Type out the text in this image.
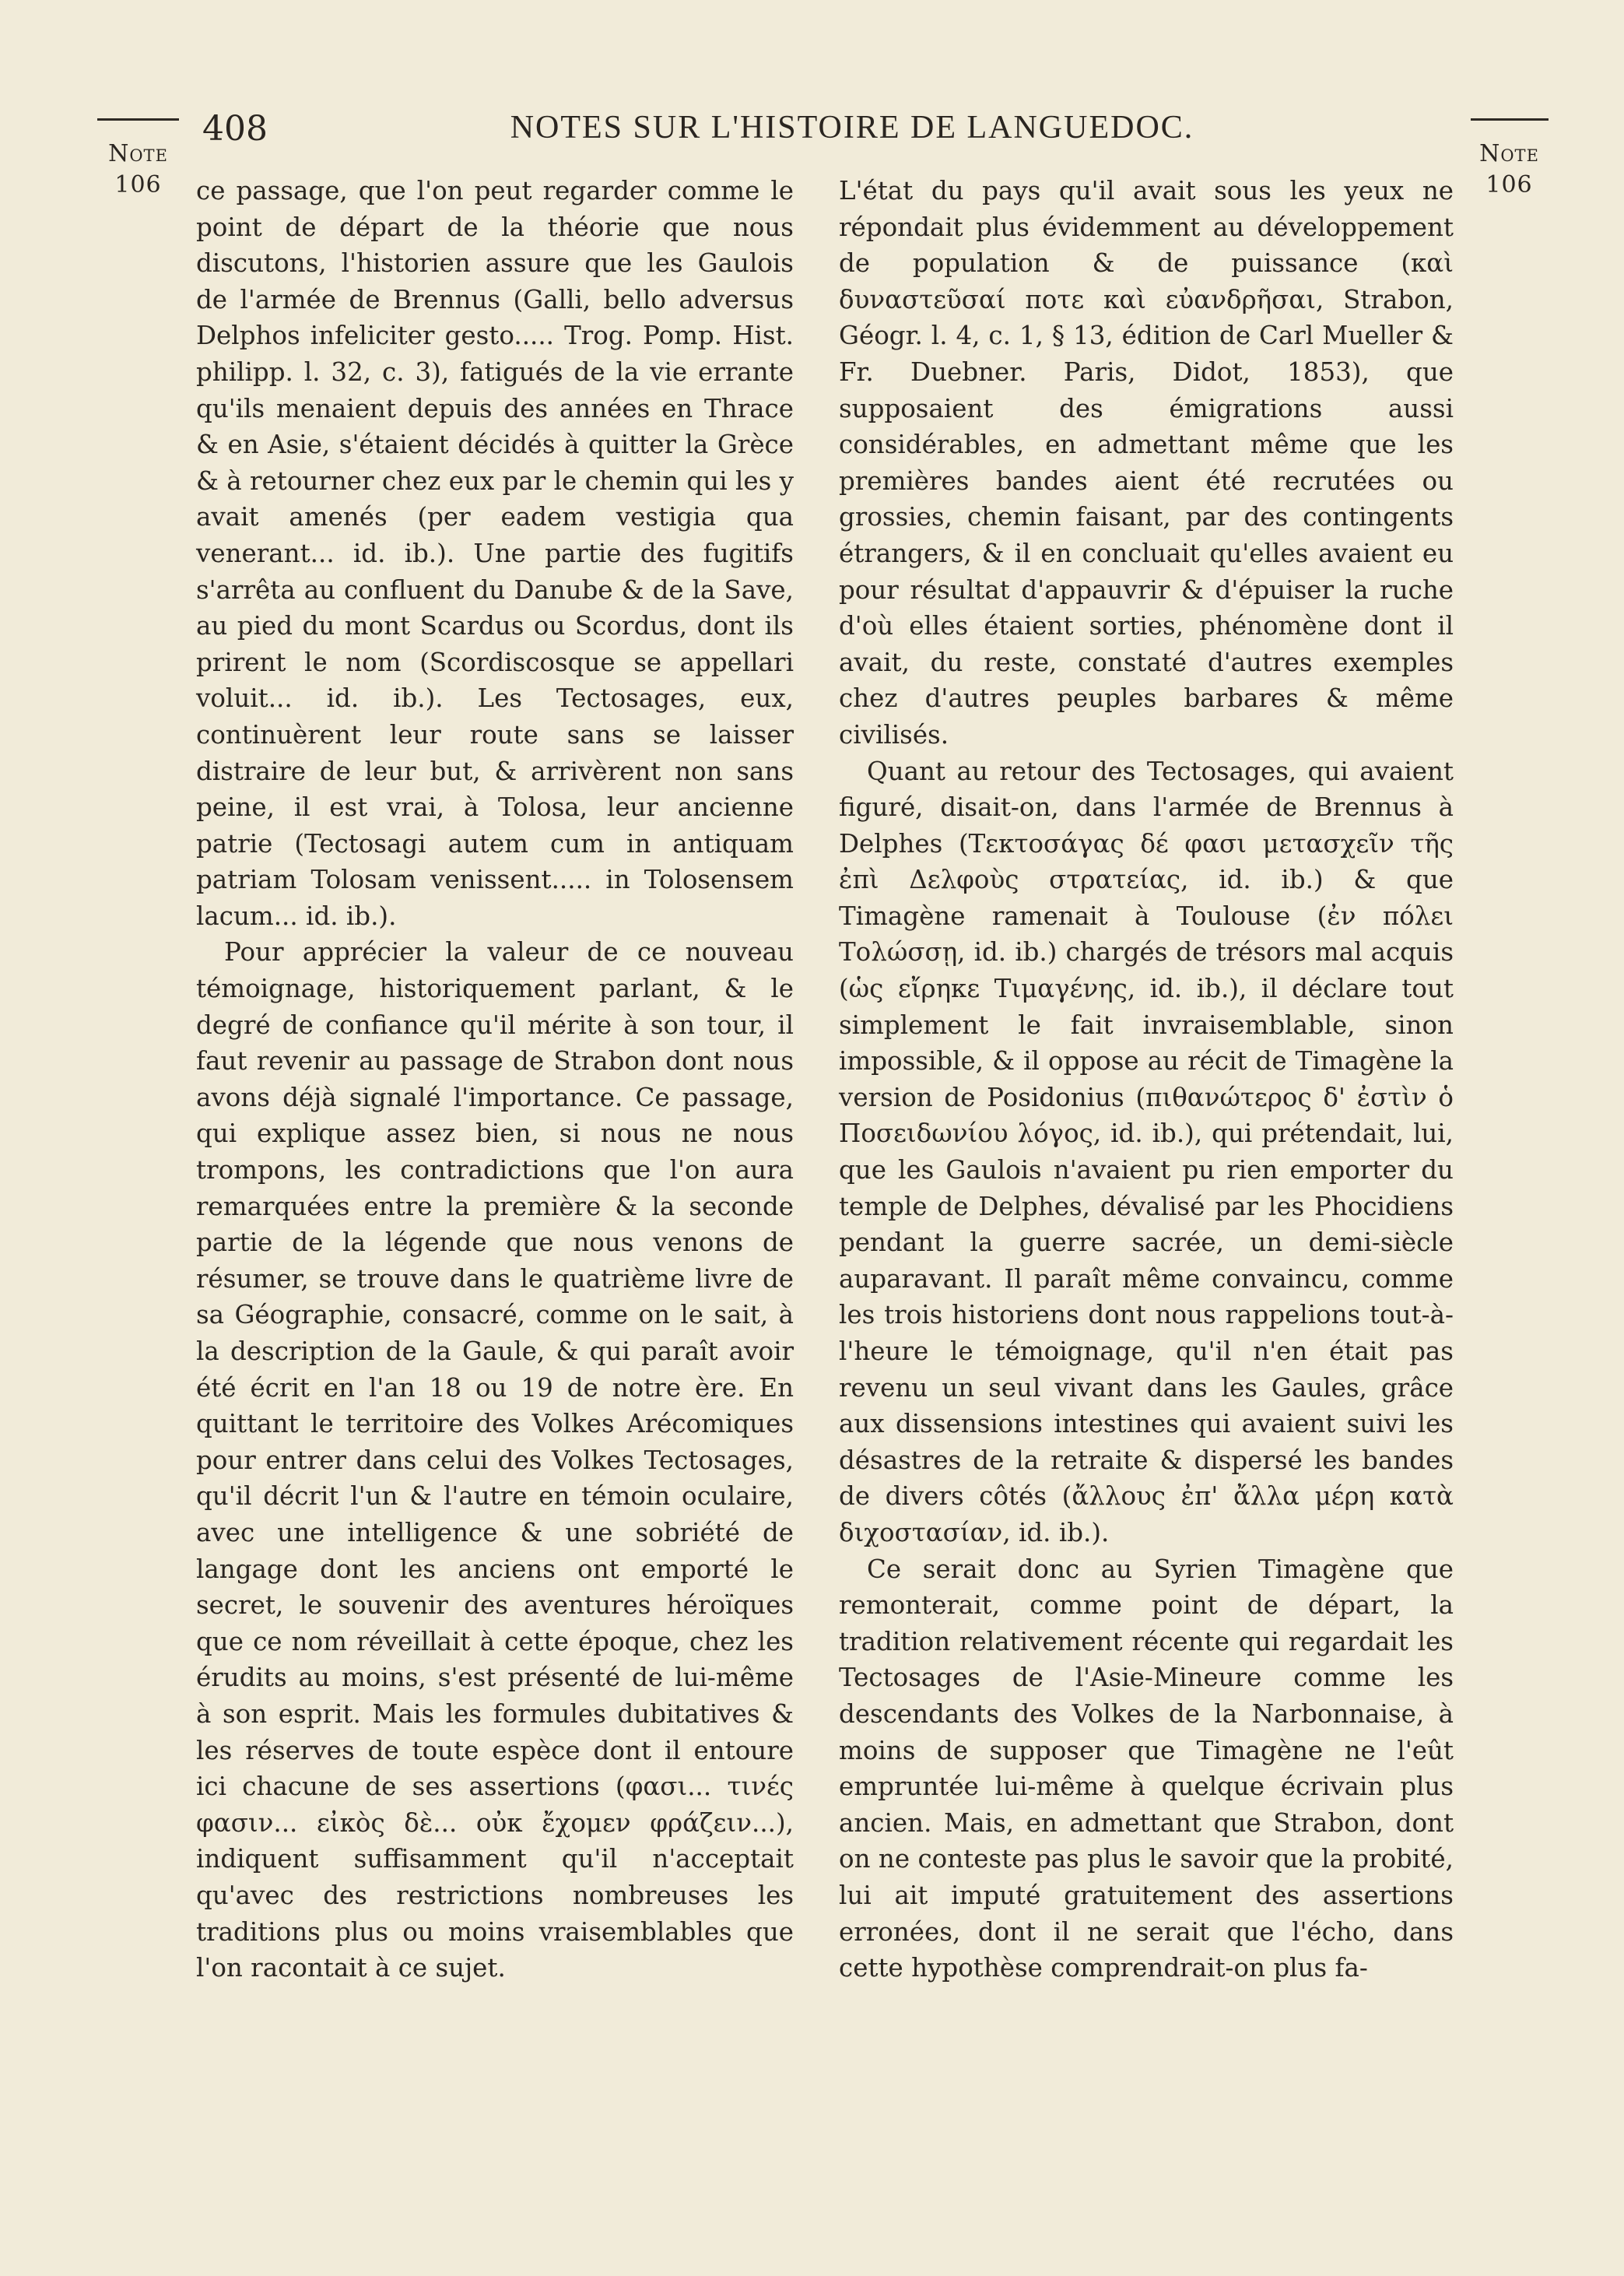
Note
106
408	NOTES SUR L'HISTOIRE DE LANGUEDOC.
Note
106

ce passage, que l'on peut regarder comme le point de départ de la théorie que nous discutons, l'historien assure que les Gaulois de l'armée de Brennus (Galli, bello adversus Delphos infeliciter gesto..... Trog. Pomp. Hist. philipp. l. 32, c. 3), fatigués de la vie errante qu'ils menaient depuis des années en Thrace & en Asie, s'étaient décidés à quitter la Grèce & à retourner chez eux par le chemin qui les y avait amenés (per eadem vestigia qua venerant... id. ib.). Une partie des fugitifs s'arrêta au confluent du Danube & de la Save, au pied du mont Scardus ou Scordus, dont ils prirent le nom (Scordiscosque se appellari voluit... id. ib.). Les Tectosages, eux, continuèrent leur route sans se laisser distraire de leur but, & arrivèrent non sans peine, il est vrai, à Tolosa, leur ancienne patrie (Tectosagi autem cum in antiquam patriam Tolosam venissent..... in Tolosensem lacum... id. ib.).

Pour apprécier la valeur de ce nouveau témoignage, historiquement parlant, & le degré de confiance qu'il mérite à son tour, il faut revenir au passage de Strabon dont nous avons déjà signalé l'importance. Ce passage, qui explique assez bien, si nous ne nous trompons, les contradictions que l'on aura remarquées entre la première & la seconde partie de la légende que nous venons de résumer, se trouve dans le quatrième livre de sa Géographie, consacré, comme on le sait, à la description de la Gaule, & qui paraît avoir été écrit en l'an 18 ou 19 de notre ère. En quittant le territoire des Volkes Arécomiques pour entrer dans celui des Volkes Tectosages, qu'il décrit l'un & l'autre en témoin oculaire, avec une intelligence & une sobriété de langage dont les anciens ont emporté le secret, le souvenir des aventures héroïques que ce nom réveillait à cette époque, chez les érudits au moins, s'est présenté de lui-même à son esprit. Mais les formules dubitatives & les réserves de toute espèce dont il entoure ici chacune de ses assertions (φασι... τινές φασιν... εἰκὸς δὲ... οὐκ ἔχομεν φράζειν...), indiquent suffisamment qu'il n'acceptait qu'avec des restrictions nombreuses les traditions plus ou moins vraisemblables que l'on racontait à ce sujet.

L'état du pays qu'il avait sous les yeux ne répondait plus évidemment au développement de population & de puissance (καὶ δυναστεῦσαί ποτε καὶ εὐανδρῆσαι, Strabon, Géogr. l. 4, c. 1, § 13, édition de Carl Mueller & Fr. Duebner. Paris, Didot, 1853), que supposaient des émigrations aussi considérables, en admettant même que les premières bandes aient été recrutées ou grossies, chemin faisant, par des contingents étrangers, & il en concluait qu'elles avaient eu pour résultat d'appauvrir & d'épuiser la ruche d'où elles étaient sorties, phénomène dont il avait, du reste, constaté d'autres exemples chez d'autres peuples barbares & même civilisés.

Quant au retour des Tectosages, qui avaient figuré, disait-on, dans l'armée de Brennus à Delphes (Τεκτοσάγας δέ φασι μετασχεῖν τῆς ἐπὶ Δελφοὺς στρατείας, id. ib.) & que Timagène ramenait à Toulouse (ἐν πόλει Τολώσσῃ, id. ib.) chargés de trésors mal acquis (ὡς εἴρηκε Τιμαγένης, id. ib.), il déclare tout simplement le fait invraisemblable, sinon impossible, & il oppose au récit de Timagène la version de Posidonius (πιθανώτερος δ' ἐστὶν ὁ Ποσειδωνίου λόγος, id. ib.), qui prétendait, lui, que les Gaulois n'avaient pu rien emporter du temple de Delphes, dévalisé par les Phocidiens pendant la guerre sacrée, un demi-siècle auparavant. Il paraît même convaincu, comme les trois historiens dont nous rappelions tout-à-l'heure le témoignage, qu'il n'en était pas revenu un seul vivant dans les Gaules, grâce aux dissensions intestines qui avaient suivi les désastres de la retraite & dispersé les bandes de divers côtés (ἄλλους ἐπ' ἄλλα μέρη κατὰ διχοστασίαν, id. ib.).

Ce serait donc au Syrien Timagène que remonterait, comme point de départ, la tradition relativement récente qui regardait les Tectosages de l'Asie-Mineure comme les descendants des Volkes de la Narbonnaise, à moins de supposer que Timagène ne l'eût empruntée lui-même à quelque écrivain plus ancien. Mais, en admettant que Strabon, dont on ne conteste pas plus le savoir que la probité, lui ait imputé gratuitement des assertions erronées, dont il ne serait que l'écho, dans cette hypothèse comprendrait-on plus fa-
